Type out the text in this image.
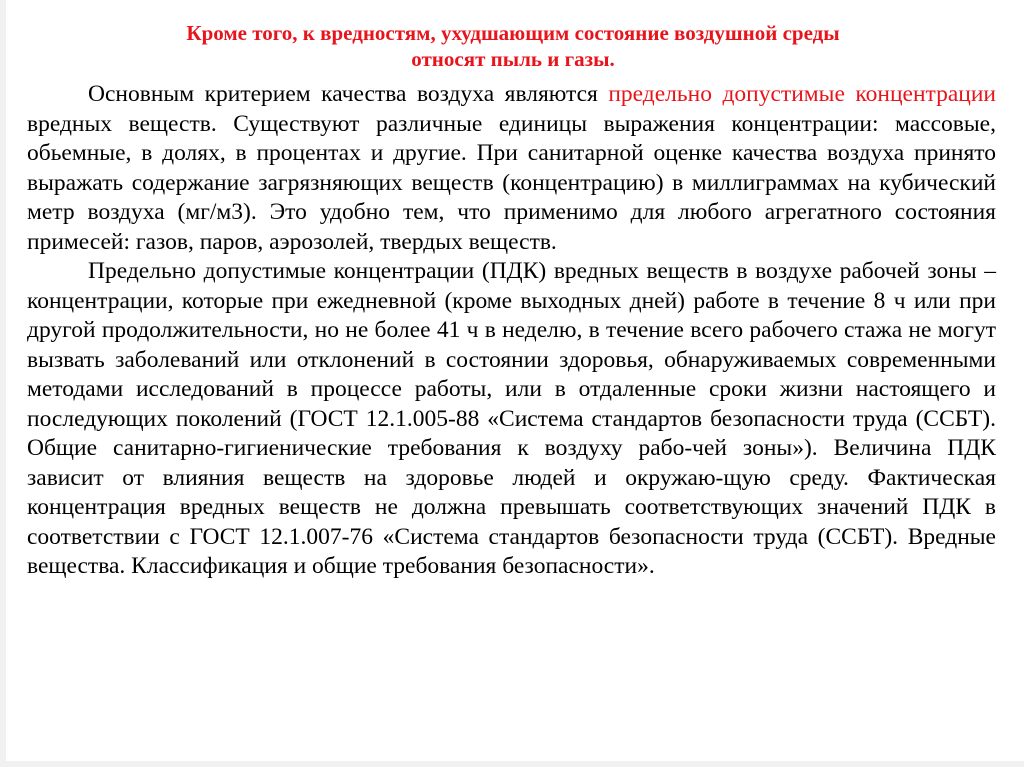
Кроме того, к вредностям, ухудшающим состояние воздушной среды
относят пыль и газы.

Основным критерием качества воздуха являются предельно допустимые концентрации вредных веществ. Существуют различные единицы выражения концентрации: массовые, обьемные, в долях, в процентах и другие. При санитарной оценке качества воздуха принято выражать содержание загрязняющих веществ (концентрацию) в миллиграммах на кубический метр воздуха (мг/м3). Это удобно тем, что применимо для любого агрегатного состояния примесей: газов, паров, аэрозолей, твердых веществ.

Предельно допустимые концентрации (ПДК) вредных веществ в воздухе рабочей зоны – концентрации, которые при ежедневной (кроме выходных дней) работе в течение 8 ч или при другой продолжительности, но не более 41 ч в неделю, в течение всего рабочего стажа не могут вызвать заболеваний или отклонений в состоянии здоровья, обнаруживаемых современными методами исследований в процессе работы, или в отдаленные сроки жизни настоящего и последующих поколений (ГОСТ 12.1.005-88 «Система стандартов безопасности труда (ССБТ). Общие санитарно-гигиенические требования к воздуху рабо-чей зоны»). Величина ПДК зависит от влияния веществ на здоровье людей и окружаю-щую среду. Фактическая концентрация вредных веществ не должна превышать соответствующих значений ПДК в соответствии с ГОСТ 12.1.007-76 «Система стандартов безопасности труда (ССБТ). Вредные вещества. Классификация и общие требования безопасности».
